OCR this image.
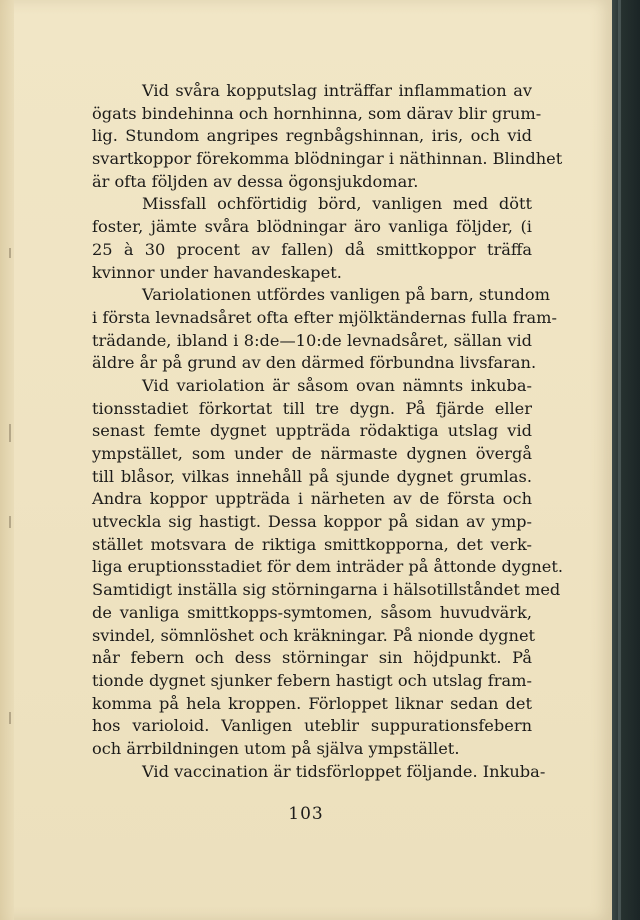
Vid svåra kopputslag inträffar inflammation av
ögats bindehinna och hornhinna, som därav blir grum-
lig. Stundom angripes regnbågshinnan, iris, och vid
svartkoppor förekomma blödningar i näthinnan. Blindhet
är ofta följden av dessa ögonsjukdomar.
Missfall ochförtidig börd, vanligen med dött
foster, jämte svåra blödningar äro vanliga följder, (i
25 à 30 procent av fallen) då smittkoppor träffa
kvinnor under havandeskapet.
Variolationen utfördes vanligen på barn, stundom
i första levnadsåret ofta efter mjölktändernas fulla fram-
trädande, ibland i 8:de—10:de levnadsåret, sällan vid
äldre år på grund av den därmed förbundna livsfaran.
Vid variolation är såsom ovan nämnts inkuba-
tionsstadiet förkortat till tre dygn. På fjärde eller
senast femte dygnet uppträda rödaktiga utslag vid
ympstället, som under de närmaste dygnen övergå
till blåsor, vilkas innehåll på sjunde dygnet grumlas.
Andra koppor uppträda i närheten av de första och
utveckla sig hastigt. Dessa koppor på sidan av ymp-
stället motsvara de riktiga smittkopporna, det verk-
liga eruptionsstadiet för dem inträder på åttonde dygnet.
Samtidigt inställa sig störningarna i hälsotillståndet med
de vanliga smittkopps-symtomen, såsom huvudvärk,
svindel, sömnlöshet och kräkningar. På nionde dygnet
når febern och dess störningar sin höjdpunkt. På
tionde dygnet sjunker febern hastigt och utslag fram-
komma på hela kroppen. Förloppet liknar sedan det
hos varioloid. Vanligen uteblir suppurationsfebern
och ärrbildningen utom på själva ympstället.
Vid vaccination är tidsförloppet följande. Inkuba-
103
